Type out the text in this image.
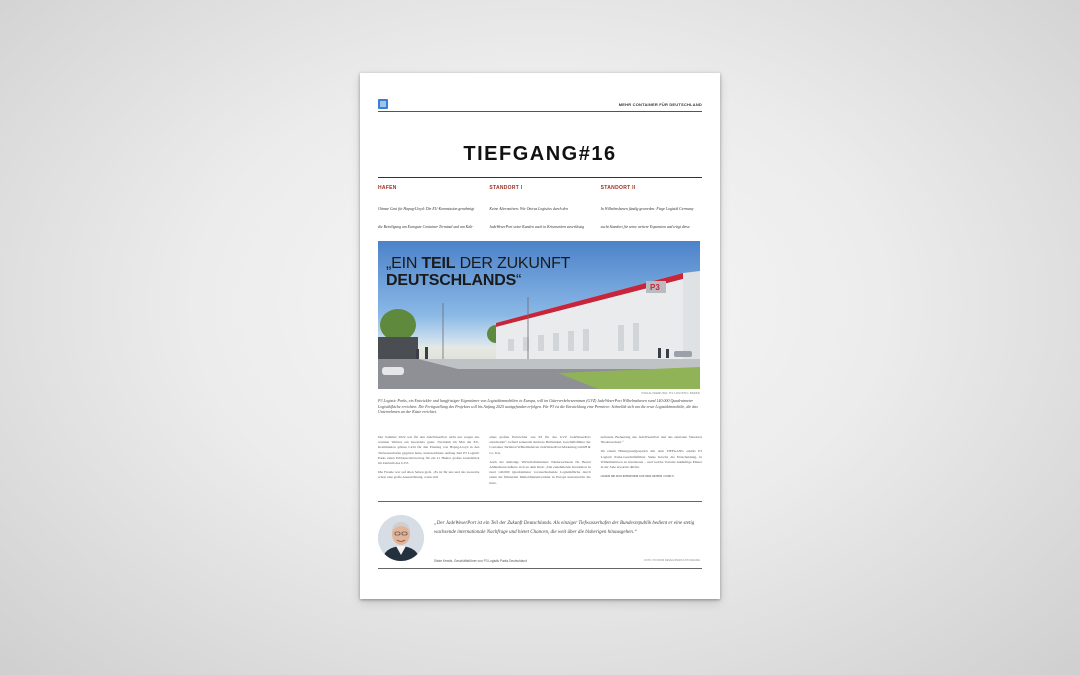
MEHR CONTAINER FÜR DEUTSCHLAND
TIEFGANG#16
HAFEN
Ottmar Gast für Hapag-Lloyd: Die EU-Kommission genehmigt die Beteiligung am Eurogate Container Terminal und am Kali-
STANDORT I
Keine Alternativen: Wie Oniras Logistics durch den JadeWeserPort seine Kunden auch in Krisenzeiten zuverlässig
STANDORT II
In Wilhelmshaven fündig geworden: Fiege Logistik Germany sucht Standort für seine weitere Expansion und trägt diese.
P3
„EIN TEIL DER ZUKUNFT
DEUTSCHLANDS“
VISUALISIERUNG: P3 LOGISTIC PARKS
P3 Logistic Parks, ein Entwickler und langfristiger Eigentümer von Logistikimmobilien in Europa, will im Güterverkehrszentrum (GVZ) JadeWeserPort Wilhelmshaven rund 140.000 Quadratmeter Logistikfläche errichten. Die Fertigstellung des Projektes soll bis Anfang 2025 stattgefunden erfolgen. Für P3 ist die Entwicklung eine Premiere: Schnelldt sich um die erste Logistikimmobilie, die das Unternehmen an der Küste errichtet.

Der Sommer 2022 war für den JadeWeserPort nicht nur wegen des warmen Wetters ein besonders guter. Nachdem im Mai die EU-Kommission grünes Licht für den Einstieg von Hapag-Lloyd in den Tiefwasserhafen gegeben hatte, unterzeichnete Anfang Juni P3 Logistic Parks einen Erbbaurechtsvertrag für ein 21 Hektar großes Grundstück im Zentrum des GVZ.

Die Freude war auf allen Seiten groß. „Es ist für uns und das Gewerbe schon eine große Auszeichnung, wenn sich

eines großen Entwickler wie P3 für das GVZ JadeWeserPort entscheidet“, befand seinerzeit Andreas Bullwinkel, Geschäftsführer der Container Terminal Wilhelmshaven JadeWeserPort-Marketing GmbH & Co. KG.

Auch der damalige Wirtschaftsminister Niedersachsens Dr. Bernd Althusmann äußerte sich zu dem Deal: „Die zunehmende Investition in rund 140.000 Quadratmeter voranschreitende Logistikfläche durch einen der führenden Immobilienentwickler in Europa unterstreicht die inter-

nationale Bedeutung des JadeWeserPort und des zentralen Standorts Niedersachsen.“

Im einem Hintergrundgespräch mit dem TIEFGANG erklärt P3 Logistic Parks-Geschäftsführer Sieke Kewitz die Entscheidung, in Wilhelmshaven zu investieren – und welche Vorteile zukünftige Mieter in der Jade erwarten dürfen.

LESEN SIE DAS INTERVIEW AUF DEN SEITEN 4 UND 5.

„Der JadeWeserPort ist ein Teil der Zukunft Deutschlands. Als einziger Tiefwasserhafen der Bundesrepublik bedient er eine stetig wachsende internationale Nachfrage und bietet Chancen, die weit über die bisherigen hinausgehen.“
Sieke Kewitz, Geschäftsführer von P3 Logistic Parks Deutschland	FOTO: P3 FROM DEVELOPERS FOTOGRAFIE
